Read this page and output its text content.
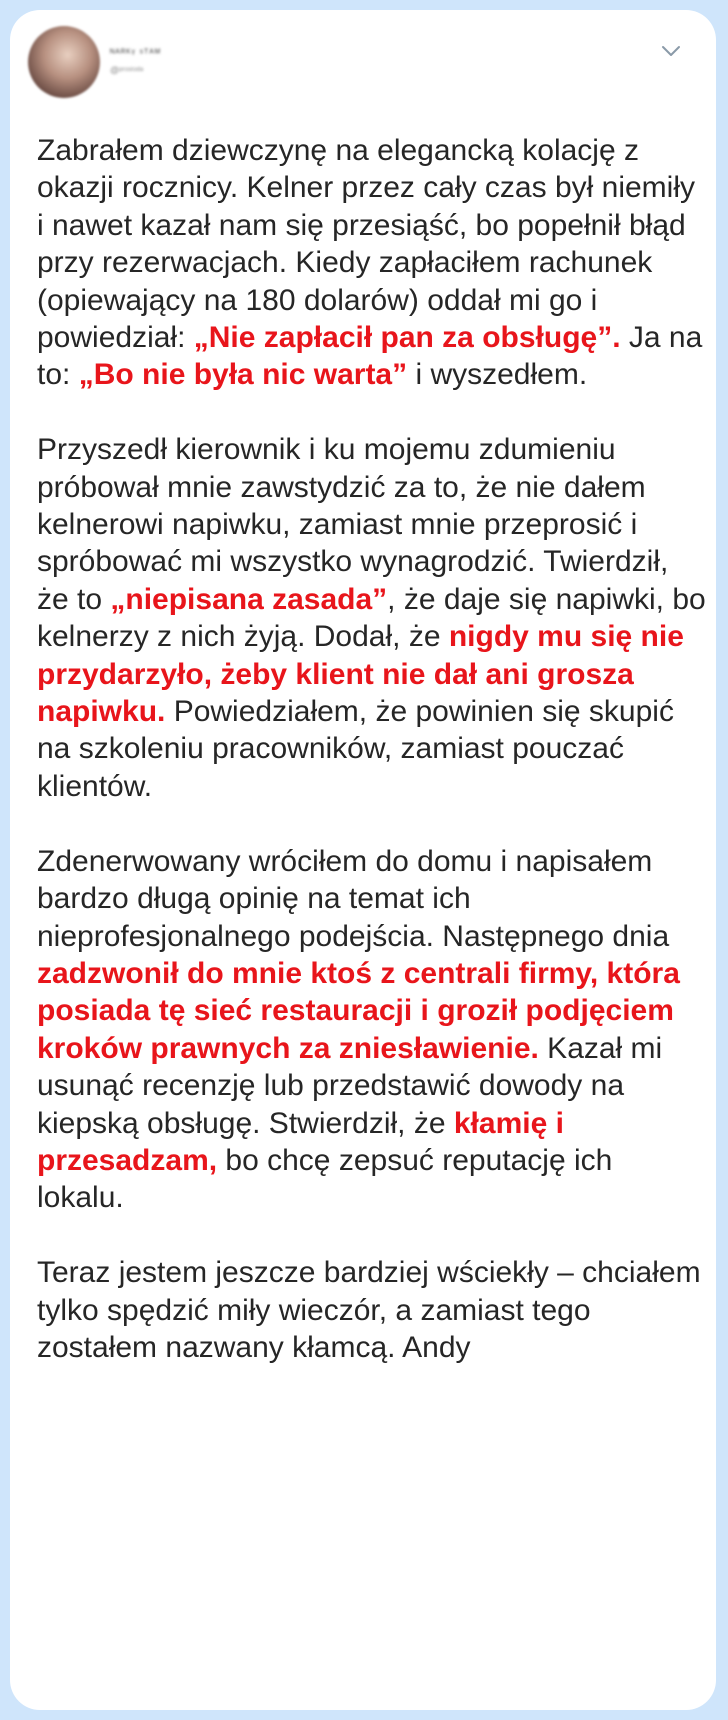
ᴺᴬᴿᴷᵞ ˢᵀᴬᴹ
@ᵖʳᵒˢᵗᵒᵈᵃ

Zabrałem dziewczynę na elegancką kolację z okazji rocznicy. Kelner przez cały czas był niemiły i nawet kazał nam się przesiąść, bo popełnił błąd przy rezerwacjach. Kiedy zapłaciłem rachunek (opiewający na 180 dolarów) oddał mi go i powiedział: „Nie zapłacił pan za obsługę”. Ja na to: „Bo nie była nic warta” i wyszedłem.

Przyszedł kierownik i ku mojemu zdumieniu próbował mnie zawstydzić za to, że nie dałem kelnerowi napiwku, zamiast mnie przeprosić i spróbować mi wszystko wynagrodzić. Twierdził, że to „niepisana zasada”, że daje się napiwki, bo kelnerzy z nich żyją. Dodał, że nigdy mu się nie przydarzyło, żeby klient nie dał ani grosza napiwku. Powiedziałem, że powinien się skupić na szkoleniu pracowników, zamiast pouczać klientów.

Zdenerwowany wróciłem do domu i napisałem bardzo długą opinię na temat ich nieprofesjonalnego podejścia. Następnego dnia zadzwonił do mnie ktoś z centrali firmy, która posiada tę sieć restauracji i groził podjęciem kroków prawnych za zniesławienie. Kazał mi usunąć recenzję lub przedstawić dowody na kiepską obsługę. Stwierdził, że kłamię i przesadzam, bo chcę zepsuć reputację ich lokalu.

Teraz jestem jeszcze bardziej wściekły – chciałem tylko spędzić miły wieczór, a zamiast tego zostałem nazwany kłamcą. Andy
